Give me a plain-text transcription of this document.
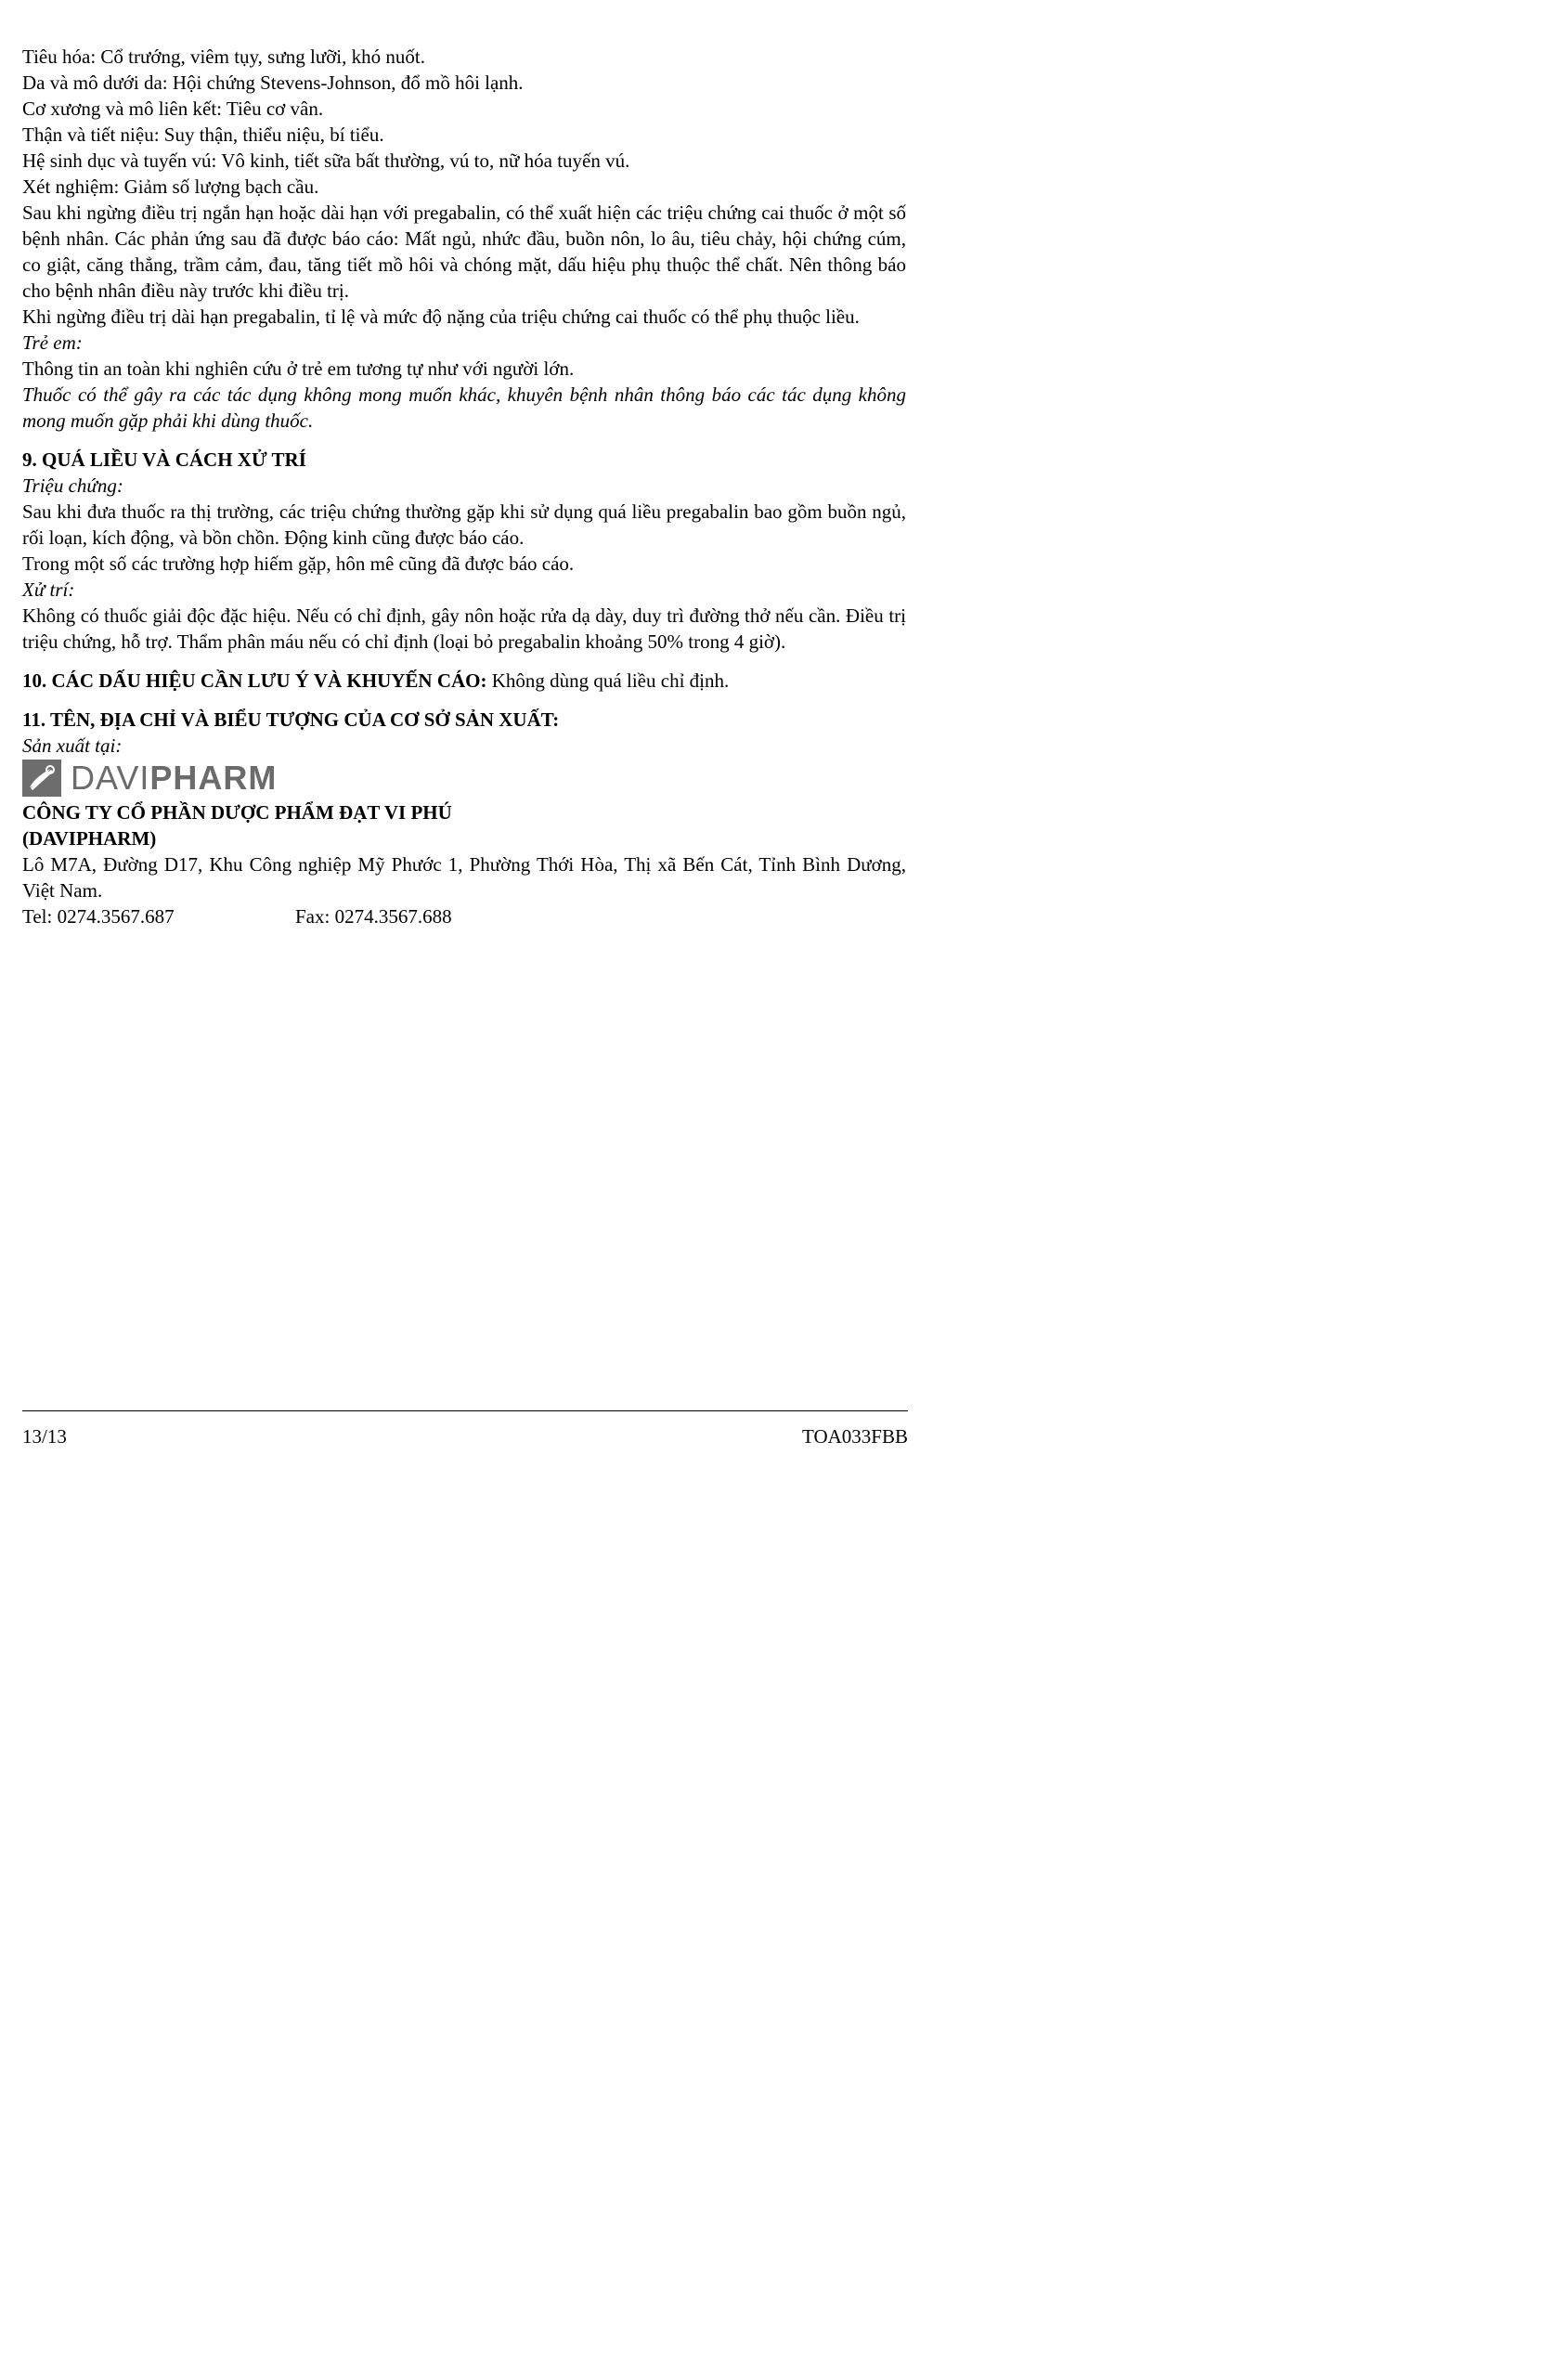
Tiêu hóa: Cổ trướng, viêm tụy, sưng lưỡi, khó nuốt.

Da và mô dưới da: Hội chứng Stevens-Johnson, đổ mồ hôi lạnh.

Cơ xương và mô liên kết: Tiêu cơ vân.

Thận và tiết niệu: Suy thận, thiểu niệu, bí tiểu.

Hệ sinh dục và tuyến vú: Vô kinh, tiết sữa bất thường, vú to, nữ hóa tuyến vú.

Xét nghiệm: Giảm số lượng bạch cầu.

Sau khi ngừng điều trị ngắn hạn hoặc dài hạn với pregabalin, có thể xuất hiện các triệu chứng cai thuốc ở một số bệnh nhân. Các phản ứng sau đã được báo cáo: Mất ngủ, nhức đầu, buồn nôn, lo âu, tiêu chảy, hội chứng cúm, co giật, căng thẳng, trầm cảm, đau, tăng tiết mồ hôi và chóng mặt, dấu hiệu phụ thuộc thể chất. Nên thông báo cho bệnh nhân điều này trước khi điều trị.

Khi ngừng điều trị dài hạn pregabalin, tỉ lệ và mức độ nặng của triệu chứng cai thuốc có thể phụ thuộc liều.

Trẻ em:

Thông tin an toàn khi nghiên cứu ở trẻ em tương tự như với người lớn.

Thuốc có thể gây ra các tác dụng không mong muốn khác, khuyên bệnh nhân thông báo các tác dụng không mong muốn gặp phải khi dùng thuốc.

9. QUÁ LIỀU VÀ CÁCH XỬ TRÍ

Triệu chứng:

Sau khi đưa thuốc ra thị trường, các triệu chứng thường gặp khi sử dụng quá liều pregabalin bao gồm buồn ngủ, rối loạn, kích động, và bồn chồn. Động kinh cũng được báo cáo.

Trong một số các trường hợp hiếm gặp, hôn mê cũng đã được báo cáo.

Xử trí:

Không có thuốc giải độc đặc hiệu. Nếu có chỉ định, gây nôn hoặc rửa dạ dày, duy trì đường thở nếu cần. Điều trị triệu chứng, hỗ trợ. Thẩm phân máu nếu có chỉ định (loại bỏ pregabalin khoảng 50% trong 4 giờ).

10. CÁC DẤU HIỆU CẦN LƯU Ý VÀ KHUYẾN CÁO: Không dùng quá liều chỉ định.

11. TÊN, ĐỊA CHỈ VÀ BIỂU TƯỢNG CỦA CƠ SỞ SẢN XUẤT:

Sản xuất tại:

DAVIPHARM

CÔNG TY CỔ PHẦN DƯỢC PHẨM ĐẠT VI PHÚ

(DAVIPHARM)

Lô M7A, Đường D17, Khu Công nghiệp Mỹ Phước 1, Phường Thới Hòa, Thị xã Bến Cát, Tỉnh Bình Dương, Việt Nam.

Tel: 0274.3567.687	Fax: 0274.3567.688
13/13	TOA033FBB
